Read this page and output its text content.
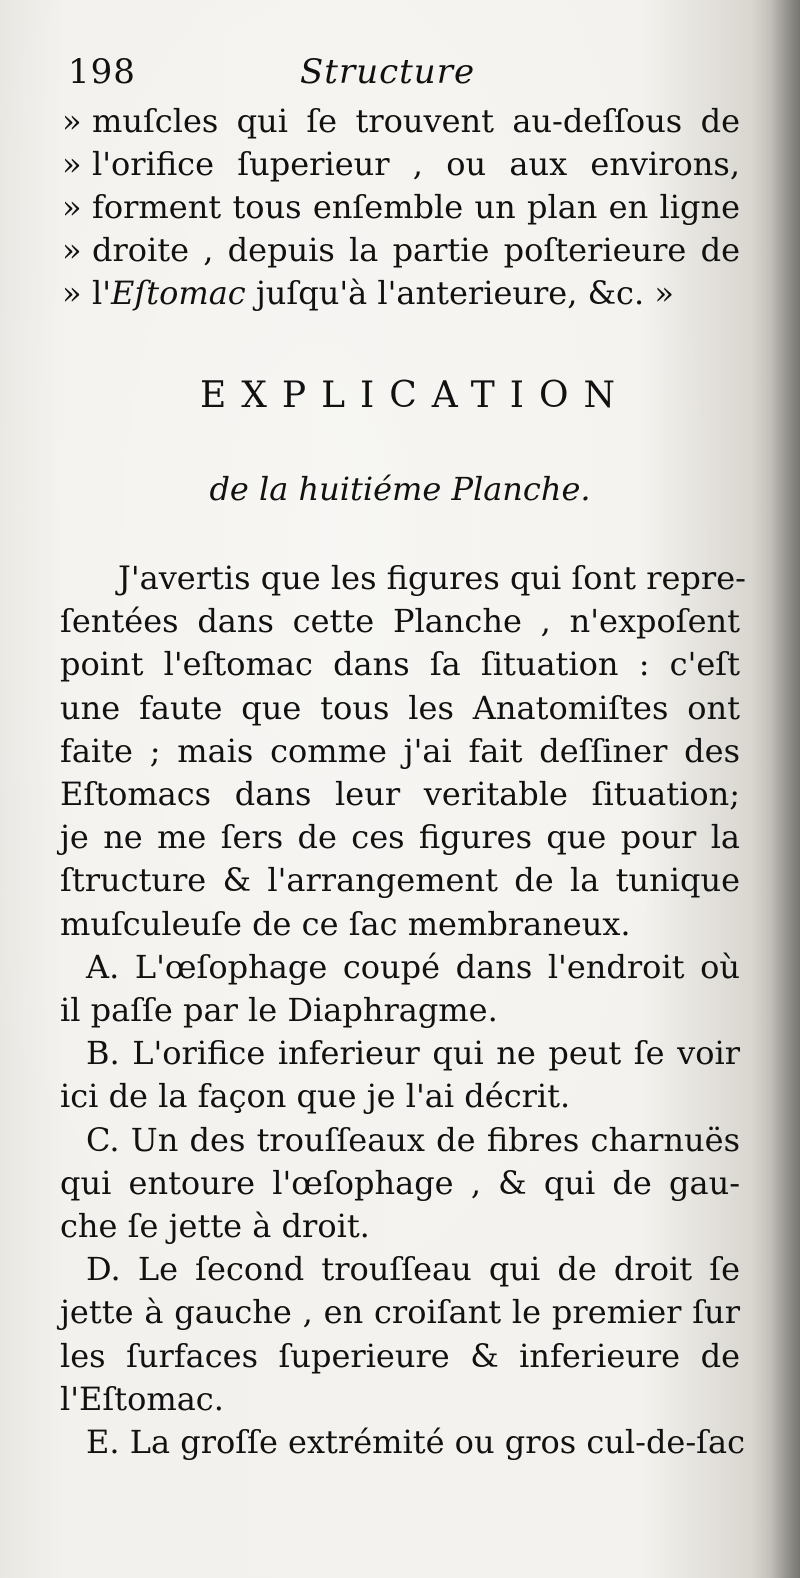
198	Structure
» muſcles qui ſe trouvent au-deſſous de
» l'orifice ſuperieur , ou aux environs,
» forment tous enſemble un plan en ligne
» droite , depuis la partie poſterieure de
» l'Eſtomac juſqu'à l'anterieure, &c. »
EXPLICATION
de la huitiéme Planche.
J'avertis que les figures qui ſont repre-
ſentées dans cette Planche , n'expoſent
point l'eſtomac dans ſa ſituation : c'eſt
une faute que tous les Anatomiſtes ont
faite ; mais comme j'ai fait deſſiner des
Eſtomacs dans leur veritable ſituation;
je ne me ſers de ces figures que pour la
ſtructure & l'arrangement de la tunique
muſculeuſe de ce ſac membraneux.
A. L'œſophage coupé dans l'endroit où
il paſſe par le Diaphragme.
B. L'orifice inferieur qui ne peut ſe voir
ici de la façon que je l'ai décrit.
C. Un des trouſſeaux de fibres charnuës
qui entoure l'œſophage , & qui de gau-
che ſe jette à droit.
D. Le ſecond trouſſeau qui de droit ſe
jette à gauche , en croiſant le premier ſur
les ſurfaces ſuperieure & inferieure de
l'Eſtomac.
E. La groſſe extrémité ou gros cul-de-ſac
